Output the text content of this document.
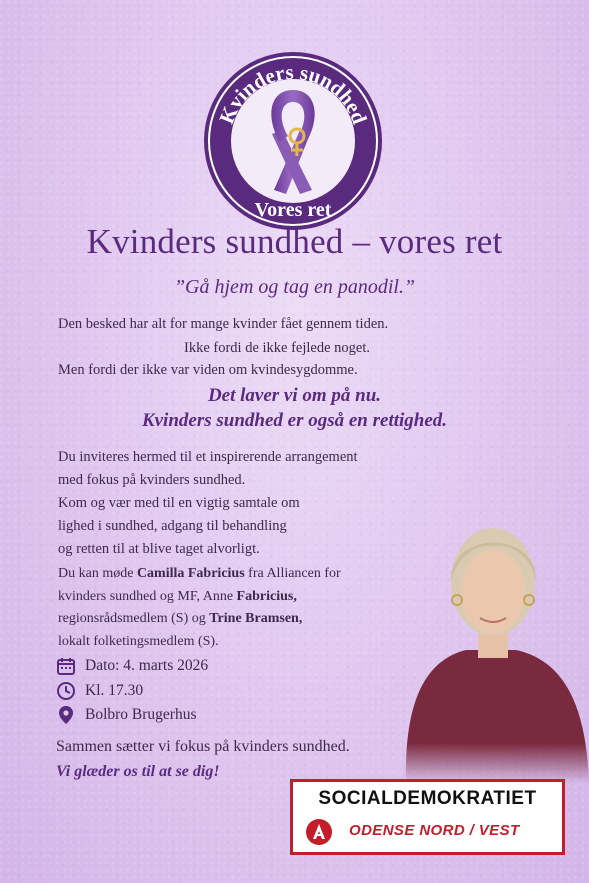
Kvinders sundhed
Vores ret
Kvinders sundhed – vores ret
”Gå hjem og tag en panodil.”
Den besked har alt for mange kvinder fået gennem tiden.
Ikke fordi de ikke fejlede noget.
Men fordi der ikke var viden om kvindesygdomme.
Det laver vi om på nu.
Kvinders sundhed er også en rettighed.
Du inviteres hermed til et inspirerende arrangement
med fokus på kvinders sundhed.
Kom og vær med til en vigtig samtale om
lighed i sundhed, adgang til behandling
og retten til at blive taget alvorligt.
Du kan møde Camilla Fabricius fra Alliancen for
kvinders sundhed og MF, Anne Fabricius,
regionsrådsmedlem (S) og Trine Bramsen,
lokalt folketingsmedlem (S).
Dato: 4. marts 2026
Kl. 17.30
Bolbro Brugerhus
Sammen sætter vi fokus på kvinders sundhed.
Vi glæder os til at se dig!
SOCIALDEMOKRATIET
ODENSE NORD / VEST
